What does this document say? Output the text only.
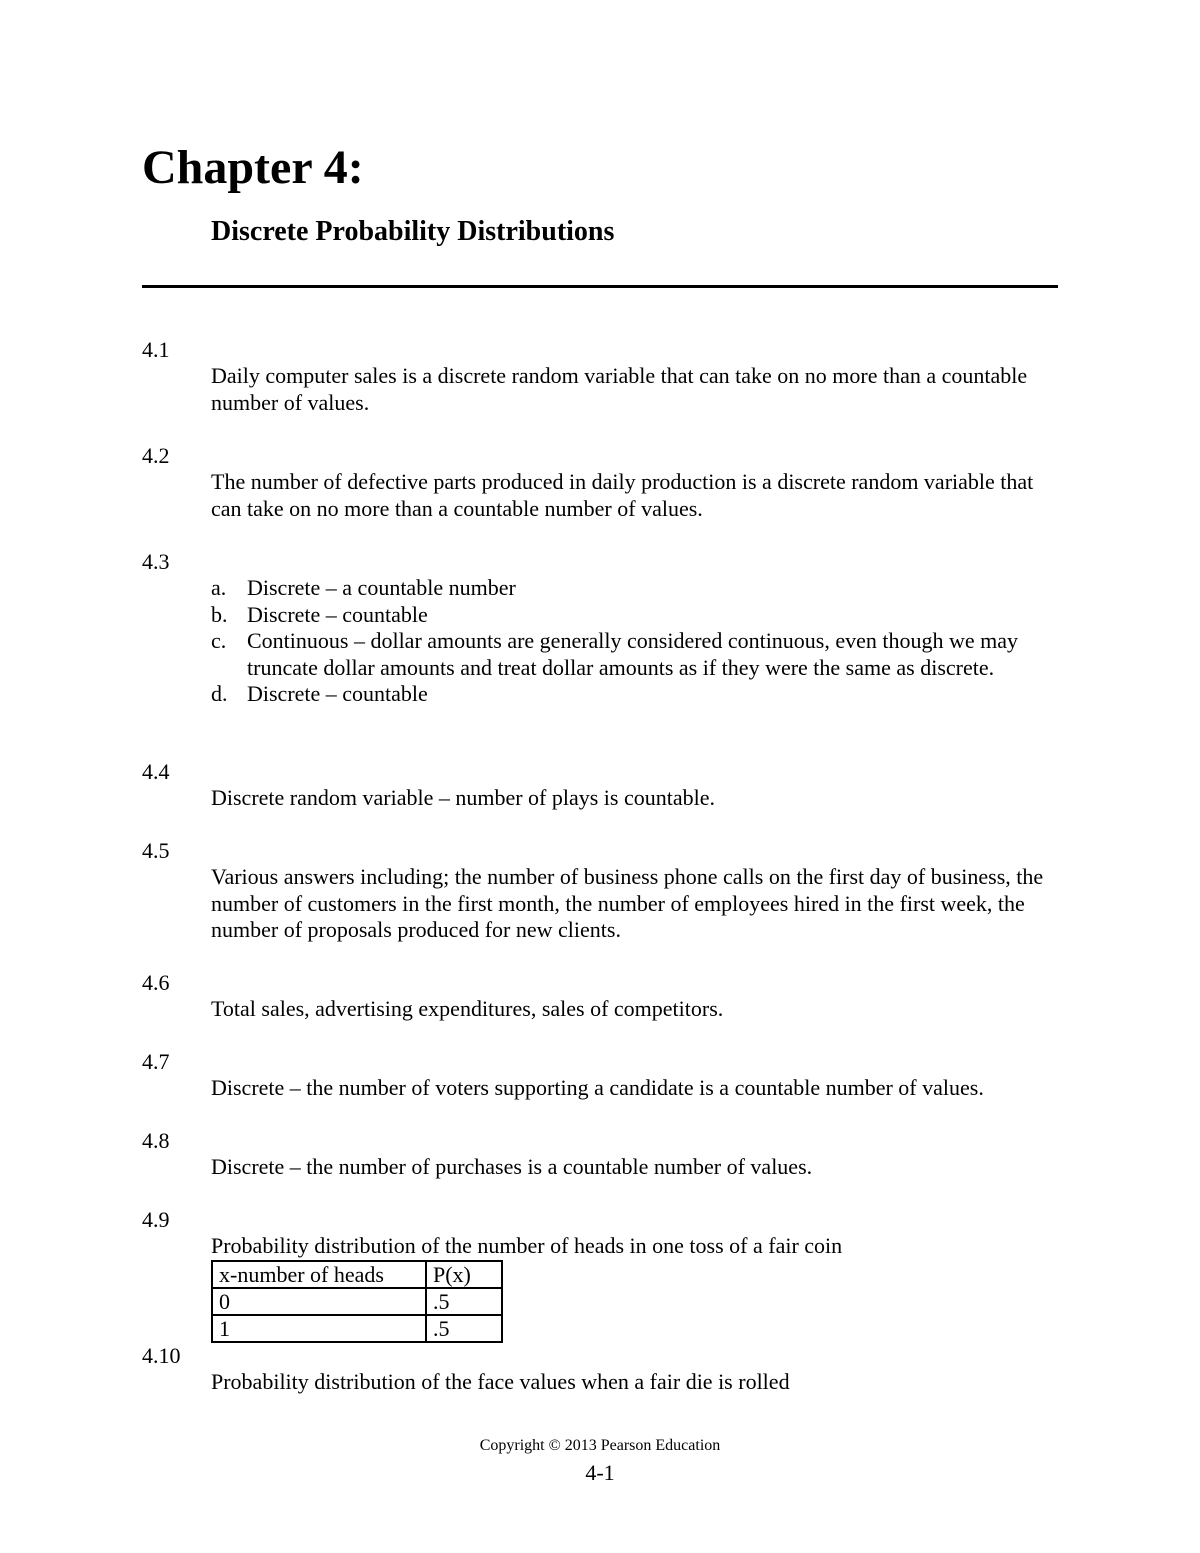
Chapter 4:
Discrete Probability Distributions
4.1
Daily computer sales is a discrete random variable that can take on no more than a countable number of values.
4.2
The number of defective parts produced in daily production is a discrete random variable that can take on no more than a countable number of values.
4.3
a. Discrete – a countable number
b. Discrete – countable
c. Continuous – dollar amounts are generally considered continuous, even though we may truncate dollar amounts and treat dollar amounts as if they were the same as discrete.
d. Discrete – countable
4.4
Discrete random variable – number of plays is countable.
4.5
Various answers including; the number of business phone calls on the first day of business, the number of customers in the first month, the number of employees hired in the first week, the number of proposals produced for new clients.
4.6
Total sales, advertising expenditures, sales of competitors.
4.7
Discrete – the number of voters supporting a candidate is a countable number of values.
4.8
Discrete – the number of purchases is a countable number of values.
4.9
Probability distribution of the number of heads in one toss of a fair coin
x-number of heads	P(x)
0	.5
1	.5
4.10
Probability distribution of the face values when a fair die is rolled
Copyright © 2013 Pearson Education
4-1
